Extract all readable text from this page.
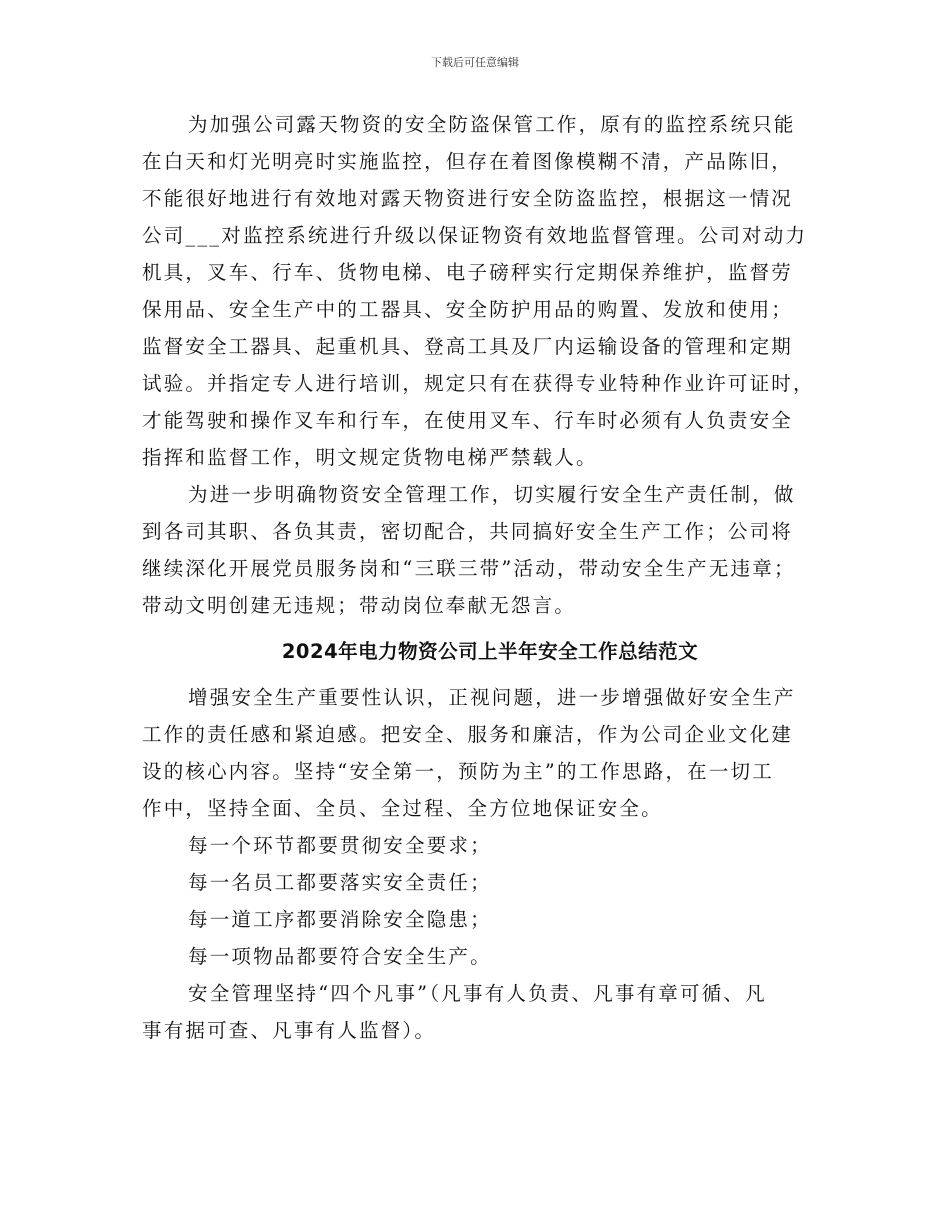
下载后可任意编辑
为加强公司露天物资的安全防盗保管工作，原有的监控系统只能
在白天和灯光明亮时实施监控，但存在着图像模糊不清，产品陈旧，
不能很好地进行有效地对露天物资进行安全防盗监控，根据这一情况
公司___对监控系统进行升级以保证物资有效地监督管理。公司对动力
机具，叉车、行车、货物电梯、电子磅秤实行定期保养维护，监督劳
保用品、安全生产中的工器具、安全防护用品的购置、发放和使用；
监督安全工器具、起重机具、登高工具及厂内运输设备的管理和定期
试验。并指定专人进行培训，规定只有在获得专业特种作业许可证时，
才能驾驶和操作叉车和行车，在使用叉车、行车时必须有人负责安全
指挥和监督工作，明文规定货物电梯严禁载人。
为进一步明确物资安全管理工作，切实履行安全生产责任制，做
到各司其职、各负其责，密切配合，共同搞好安全生产工作；公司将
继续深化开展党员服务岗和“三联三带”活动，带动安全生产无违章；
带动文明创建无违规；带动岗位奉献无怨言。
2024年电力物资公司上半年安全工作总结范文
增强安全生产重要性认识，正视问题，进一步增强做好安全生产
工作的责任感和紧迫感。把安全、服务和廉洁，作为公司企业文化建
设的核心内容。坚持“安全第一，预防为主”的工作思路，在一切工
作中，坚持全面、全员、全过程、全方位地保证安全。
每一个环节都要贯彻安全要求；
每一名员工都要落实安全责任；
每一道工序都要消除安全隐患；
每一项物品都要符合安全生产。
安全管理坚持“四个凡事”（凡事有人负责、凡事有章可循、凡
事有据可查、凡事有人监督）。
